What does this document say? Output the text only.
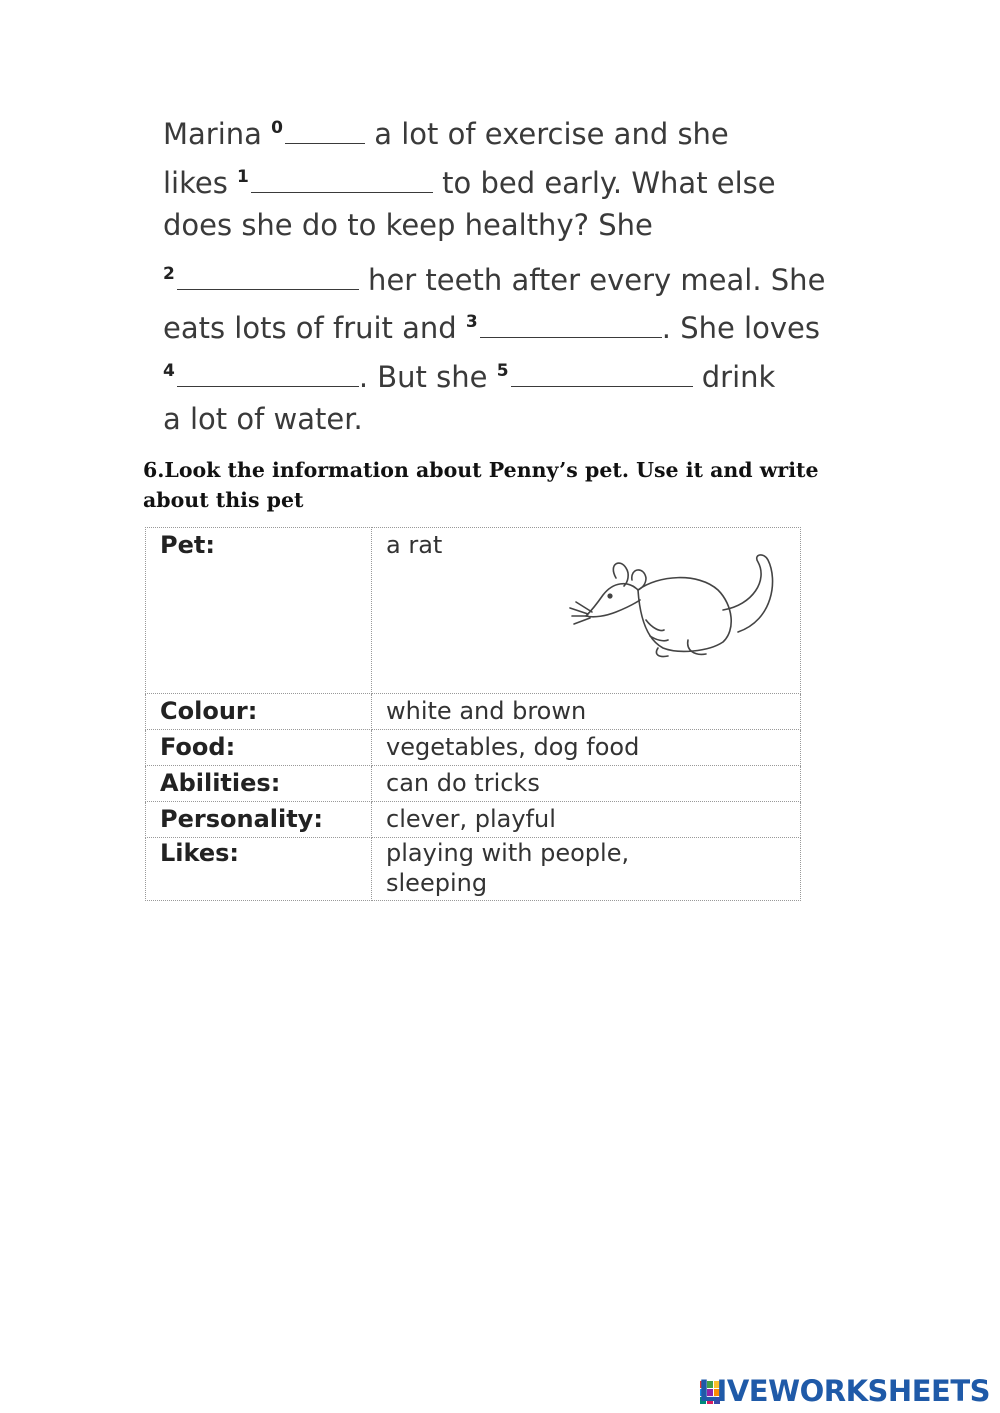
Marina $^0$	a lot of exercise and she
likes $^1$	to bed early. What else
does she do to keep healthy? She
$^2$	her teeth after every meal. She
eats lots of fruit and $^3$	. She loves
$^4$	. But she $^5$	drink
a lot of water.
6.Look the information about Penny’s pet. Use it and write about this pet
Pet:	a rat
Colour:	white and brown
Food:	vegetables, dog food
Abilities:	can do tricks
Personality:	clever, playful
Likes:	playing with people,
sleeping
LIVEWORKSHEETS
